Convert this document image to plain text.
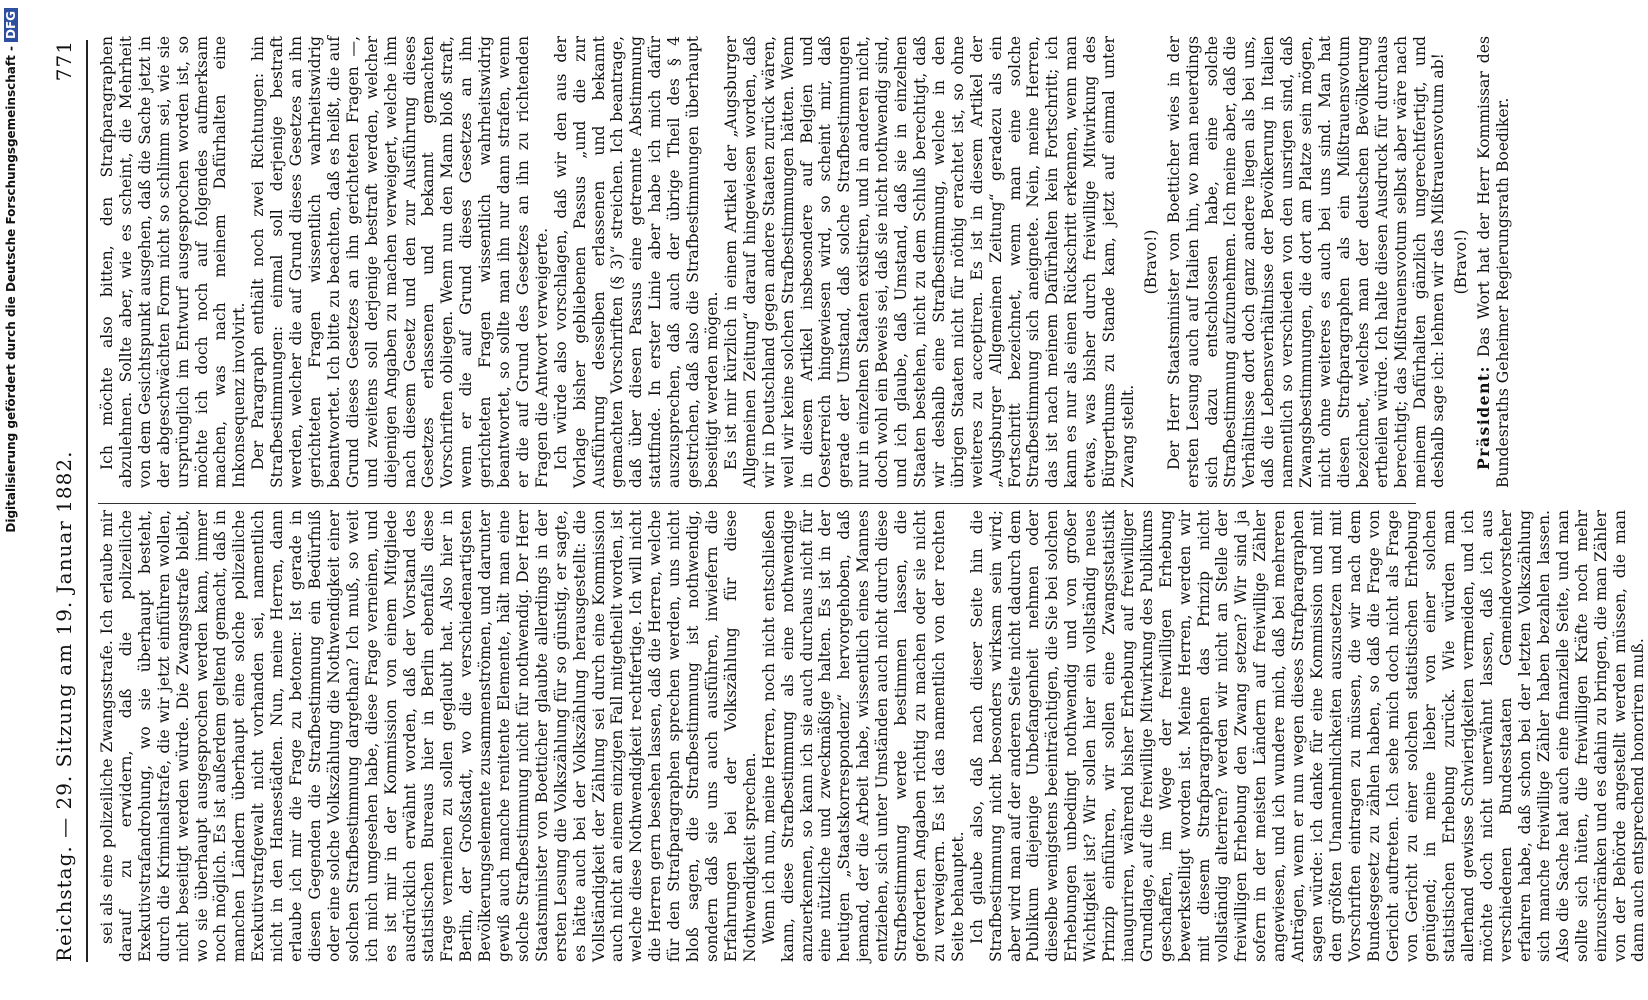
Reichstag. — 29. Sitzung am 19. Januar 1882.
771

sei als eine polizeiliche Zwangsstrafe. Ich erlaube mir darauf zu erwidern, daß die polizeiliche Exekutivstrafandrohung, wo sie überhaupt besteht, durch die Kriminalstrafe, die wir jetzt einführen wollen, nicht beseitigt werden würde. Die Zwangsstrafe bleibt, wo sie überhaupt ausgesprochen werden kann, immer noch möglich. Es ist außerdem geltend gemacht, daß in manchen Ländern überhaupt eine solche polizeiliche Exekutivstrafgewalt nicht vorhanden sei, namentlich nicht in den Hansestädten. Nun, meine Herren, dann erlaube ich mir die Frage zu betonen: Ist gerade in diesen Gegenden die Strafbestimmung ein Bedürfniß oder eine solche Volkszählung die Nothwendigkeit einer solchen Strafbestimmung dargethan? Ich muß, so weit ich mich umgesehen habe, diese Frage verneinen, und es ist mir in der Kommission von einem Mitgliede ausdrücklich erwähnt worden, daß der Vorstand des statistischen Bureaus hier in Berlin ebenfalls diese Frage verneinen zu sollen geglaubt hat. Also hier in Berlin, der Großstadt, wo die verschiedenartigsten Bevölkerungselemente zusammenströmen, und darunter gewiß auch manche renitente Elemente, hält man eine solche Strafbestimmung nicht für nothwendig. Der Herr Staatsminister von Boetticher glaubte allerdings in der ersten Lesung die Volkszählung für so günstig, er sagte, es hätte auch bei der Volkszählung herausgestellt: die Vollständigkeit der Zählung sei durch eine Kommission auch nicht an einem einzigen Fall mitgetheilt worden, ist welche diese Nothwendigkeit rechtfertige. Ich will nicht die Herren gern besehen lassen, daß die Herren, welche für den Strafparagraphen sprechen werden, uns nicht bloß sagen, die Strafbestimmung ist nothwendig, sondern daß sie uns auch ausführen, inwiefern die Erfahrungen bei der Volkszählung für diese Nothwendigkeit sprechen. Wenn ich nun, meine Herren, noch nicht entschließen kann, diese Strafbestimmung als eine nothwendige anzuerkennen, so kann ich sie auch durchaus nicht für eine nützliche und zweckmäßige halten. Es ist in der heutigen „Staatskorrespondenz“ hervorgehoben, daß jemand, der die Arbeit habe, wissentlich eines Mannes entziehen, sich unter Umständen auch nicht durch diese Strafbestimmung werde bestimmen lassen, die geforderten Angaben richtig zu machen oder sie nicht zu verweigern. Es ist das namentlich von der rechten Seite behauptet. Ich glaube also, daß nach dieser Seite hin die Strafbestimmung nicht besonders wirksam sein wird; aber wird man auf der anderen Seite nicht dadurch dem Publikum diejenige Unbefangenheit nehmen oder dieselbe wenigstens beeinträchtigen, die Sie bei solchen Erhebungen unbedingt nothwendig und von großer Wichtigkeit ist? Wir sollen hier ein vollständig neues Prinzip einführen, wir sollen eine Zwangsstatistik inauguriren, während bisher Erhebung auf freiwilliger Grundlage, auf die freiwillige Mitwirkung des Publikums geschaffen, im Wege der freiwilligen Erhebung bewerkstelligt worden ist. Meine Herren, werden wir mit diesem Strafparagraphen das Prinzip nicht vollständig alteriren? werden wir nicht an Stelle der freiwilligen Erhebung den Zwang setzen? Wir sind ja sofern in der meisten Ländern auf freiwillige Zähler angewiesen, und ich wundere mich, daß bei mehreren Anträgen, wenn er nun wegen dieses Strafparagraphen sagen würde: ich danke für eine Kommission und mit den größten Unannehmlichkeiten auszusetzen und mit Vorschriften eintragen zu müssen, die wir nach dem Bundesgesetz zu zählen haben, so daß die Frage von Gericht auftreten. Ich sehe mich doch nicht als Frage von Gericht zu einer solchen statistischen Erhebung genügend; in meine lieber von einer solchen statistischen Erhebung zurück. Wie würden man allerhand gewisse Schwierigkeiten vermeiden, und ich möchte doch nicht unerwähnt lassen, daß ich aus verschiedenen Bundesstaaten Gemeindevorsteher erfahren habe, daß schon bei der letzten Volkszählung sich manche freiwillige Zähler haben bezahlen lassen. Also die Sache hat auch eine finanzielle Seite, und man sollte sich hüten, die freiwilligen Kräfte noch mehr einzuschränken und es dahin zu bringen, die man Zähler von der Behörde angestellt werden müssen, die man dann auch entsprechend honoriren muß.

Ich möchte also bitten, den Strafparagraphen abzulehnen. Sollte aber, wie es scheint, die Mehrheit von dem Gesichtspunkt ausgehen, daß die Sache jetzt in der abgeschwächten Form nicht so schlimm sei, wie sie ursprünglich im Entwurf ausgesprochen worden ist, so möchte ich doch noch auf folgendes aufmerksam machen, was nach meinem Dafürhalten eine Inkonsequenz involvirt. Der Paragraph enthält noch zwei Richtungen: hin Strafbestimmungen: einmal soll derjenige bestraft werden, welcher die auf Grund dieses Gesetzes an ihn gerichteten Fragen wissentlich wahrheitswidrig beantwortet. Ich bitte zu beachten, daß es heißt, die auf Grund dieses Gesetzes an ihn gerichteten Fragen —, und zweitens soll derjenige bestraft werden, welcher diejenigen Angaben zu machen verweigert, welche ihm nach diesem Gesetz und den zur Ausführung dieses Gesetzes erlassenen und bekannt gemachten Vorschriften obliegen. Wenn nun den Mann bloß straft, wenn er die auf Grund dieses Gesetzes an ihn gerichteten Fragen wissentlich wahrheitswidrig beantwortet, so sollte man ihn nur dann strafen, wenn er die auf Grund des Gesetzes an ihn zu richtenden Fragen die Antwort verweigerte. Ich würde also vorschlagen, daß wir den aus der Vorlage bisher gebliebenen Passus „und die zur Ausführung desselben erlassenen und bekannt gemachten Vorschriften (§ 3)“ streichen. Ich beantrage, daß über diesen Passus eine getrennte Abstimmung stattfinde. In erster Linie aber habe ich mich dafür auszusprechen, daß auch der übrige Theil des § 4 gestrichen, daß also die Strafbestimmungen überhaupt beseitigt werden mögen. Es ist mir kürzlich in einem Artikel der „Augsburger Allgemeinen Zeitung“ darauf hingewiesen worden, daß wir in Deutschland gegen andere Staaten zurück wären, weil wir keine solchen Strafbestimmungen hätten. Wenn in diesem Artikel insbesondere auf Belgien und Oesterreich hingewiesen wird, so scheint mir, daß gerade der Umstand, daß solche Strafbestimmungen nur in einzelnen Staaten existiren, und in anderen nicht, doch wohl ein Beweis sei, daß sie nicht nothwendig sind, und ich glaube, daß Umstand, daß sie in einzelnen Staaten bestehen, nicht zu dem Schluß berechtigt, daß wir deshalb eine Strafbestimmung, welche in den übrigen Staaten nicht für nöthig erachtet ist, so ohne weiteres zu acceptiren. Es ist in diesem Artikel der „Augsburger Allgemeinen Zeitung“ geradezu als ein Fortschritt bezeichnet, wenn man eine solche Strafbestimmung sich aneignete. Nein, meine Herren, das ist nach meinem Dafürhalten kein Fortschritt; ich kann es nur als einen Rückschritt erkennen, wenn man etwas, was bisher durch freiwillige Mitwirkung des Bürgerthums zu Stande kam, jetzt auf einmal unter Zwang stellt.

(Bravo!) Der Herr Staatsminister von Boetticher wies in der ersten Lesung auch auf Italien hin, wo man neuerdings sich dazu entschlossen habe, eine solche Strafbestimmung aufzunehmen. Ich meine aber, daß die Verhältnisse dort doch ganz andere liegen als bei uns, daß die Lebensverhältnisse der Bevölkerung in Italien namentlich so verschieden von den unsrigen sind, daß Zwangsbestimmungen, die dort am Platze sein mögen, nicht ohne weiteres es auch bei uns sind. Man hat diesen Strafparagraphen als ein Mißtrauensvotum bezeichnet, welches man der deutschen Bevölkerung ertheilen würde. Ich halte diesen Ausdruck für durchaus berechtigt; das Mißtrauensvotum selbst aber wäre nach meinem Dafürhalten gänzlich ungerechtfertigt, und deshalb sage ich: lehnen wir das Mißtrauensvotum ab! (Bravo!)

Präsident: Das Wort hat der Herr Kommissar des Bundesraths Geheimer Regierungsrath Boediker.

Digitalisierung gefördert durch die Deutsche Forschungsgemeinschaft -DFG
